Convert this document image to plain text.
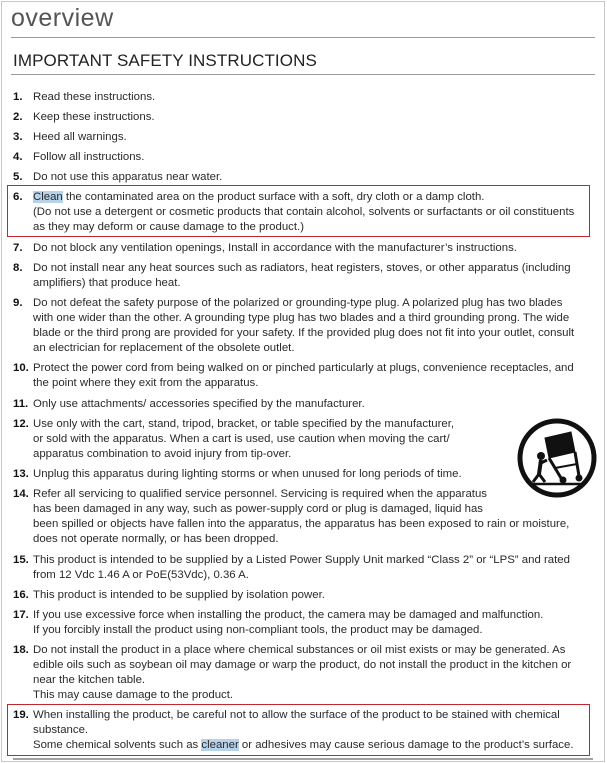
overview
IMPORTANT SAFETY INSTRUCTIONS
1. Read these instructions.
2. Keep these instructions.
3. Heed all warnings.
4. Follow all instructions.
5. Do not use this apparatus near water.
6. Clean the contaminated area on the product surface with a soft, dry cloth or a damp cloth.
(Do not use a detergent or cosmetic products that contain alcohol, solvents or surfactants or oil constituents
as they may deform or cause damage to the product.)
7. Do not block any ventilation openings, Install in accordance with the manufacturer’s instructions.
8. Do not install near any heat sources such as radiators, heat registers, stoves, or other apparatus (including
amplifiers) that produce heat.
9. Do not defeat the safety purpose of the polarized or grounding-type plug. A polarized plug has two blades
with one wider than the other. A grounding type plug has two blades and a third grounding prong. The wide
blade or the third prong are provided for your safety. If the provided plug does not fit into your outlet, consult
an electrician for replacement of the obsolete outlet.
10. Protect the power cord from being walked on or pinched particularly at plugs, convenience receptacles, and
the point where they exit from the apparatus.
11. Only use attachments/ accessories specified by the manufacturer.
12. Use only with the cart, stand, tripod, bracket, or table specified by the manufacturer,
or sold with the apparatus. When a cart is used, use caution when moving the cart/
apparatus combination to avoid injury from tip-over.
13. Unplug this apparatus during lighting storms or when unused for long periods of time.
14. Refer all servicing to qualified service personnel. Servicing is required when the apparatus
has been damaged in any way, such as power-supply cord or plug is damaged, liquid has
been spilled or objects have fallen into the apparatus, the apparatus has been exposed to rain or moisture,
does not operate normally, or has been dropped.
15. This product is intended to be supplied by a Listed Power Supply Unit marked “Class 2” or “LPS” and rated
from 12 Vdc 1.46 A or PoE(53Vdc), 0.36 A.
16. This product is intended to be supplied by isolation power.
17. If you use excessive force when installing the product, the camera may be damaged and malfunction.
If you forcibly install the product using non-compliant tools, the product may be damaged.
18. Do not install the product in a place where chemical substances or oil mist exists or may be generated. As
edible oils such as soybean oil may damage or warp the product, do not install the product in the kitchen or
near the kitchen table.
This may cause damage to the product.
19. When installing the product, be careful not to allow the surface of the product to be stained with chemical
substance.
Some chemical solvents such as cleaner or adhesives may cause serious damage to the product’s surface.
